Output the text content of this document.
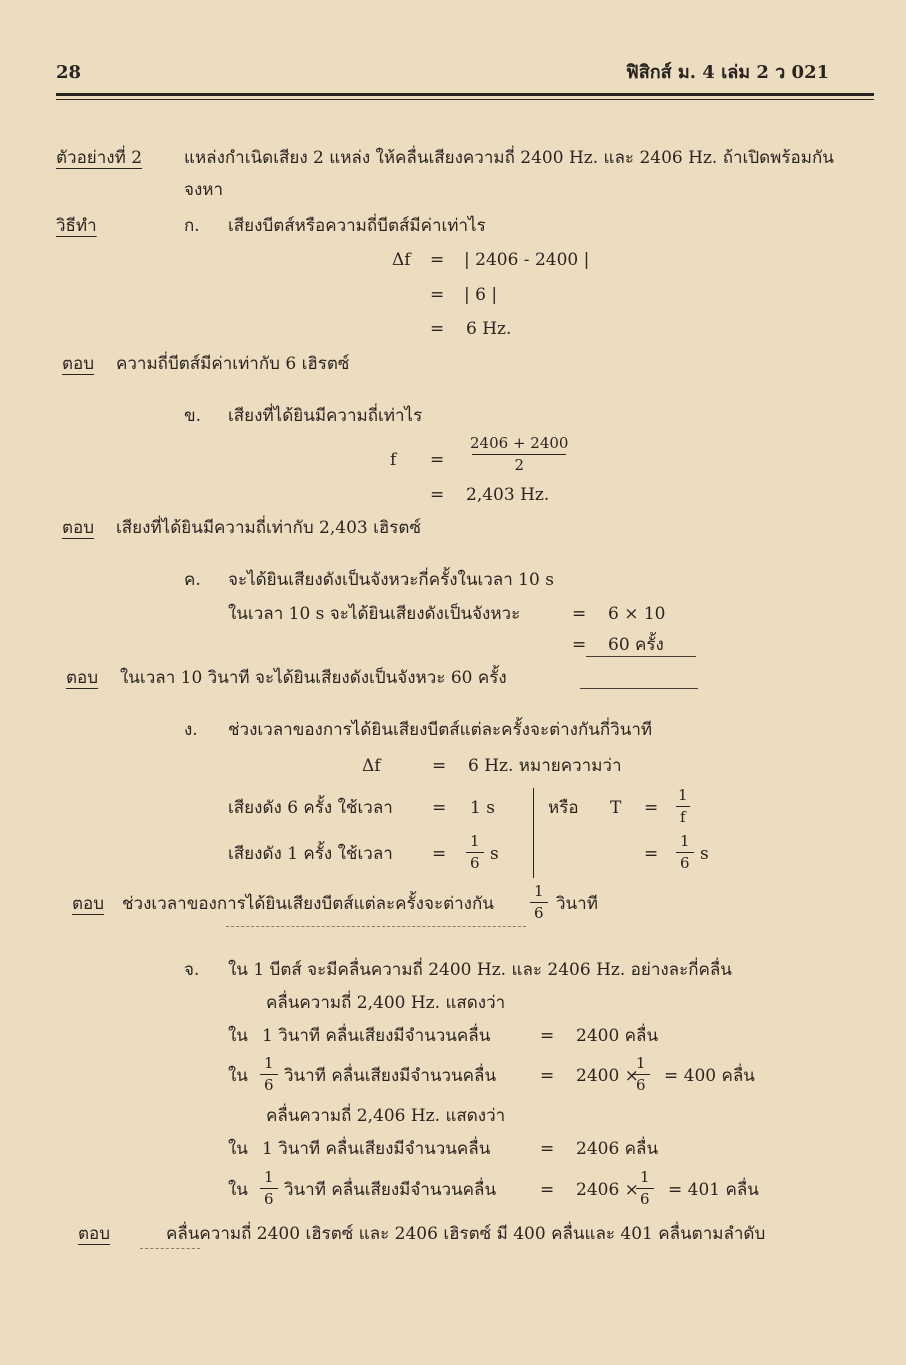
28	ฟิสิกส์ ม. 4 เล่ม 2 ว 021
ตัวอย่างที่ 2 แหล่งกำเนิดเสียง 2 แหล่ง ให้คลื่นเสียงความถี่ 2400 Hz. และ 2406 Hz. ถ้าเปิดพร้อมกัน
จงหา
วิธีทำ	ก. เสียงบีตส์หรือความถี่บีตส์มีค่าเท่าไร
Δf = | 2406 - 2400 |
= | 6 |
= 6 Hz.
ตอบ ความถี่บีตส์มีค่าเท่ากับ 6 เฮิรตซ์
ข. เสียงที่ได้ยินมีความถี่เท่าไร
$f = \frac{2406 + 2400}{2}$
= 2,403 Hz.
ตอบ เสียงที่ได้ยินมีความถี่เท่ากับ 2,403 เฮิรตซ์
ค. จะได้ยินเสียงดังเป็นจังหวะกี่ครั้งในเวลา 10 s
ในเวลา 10 s จะได้ยินเสียงดังเป็นจังหวะ	= 6 × 10
= 60 ครั้ง
ตอบ ในเวลา 10 วินาที จะได้ยินเสียงดังเป็นจังหวะ 60 ครั้ง
ง. ช่วงเวลาของการได้ยินเสียงบีตส์แต่ละครั้งจะต่างกันกี่วินาที
Δf	= 6 Hz. หมายความว่า
เสียงดัง 6 ครั้ง ใช้เวลา = 1 s
เสียงดัง 1 ครั้ง ใช้เวลา = $\frac{1}{6}$ s
หรือ $T = \frac{1}{f}$
= $\frac{1}{6}$ s
ตอบ ช่วงเวลาของการได้ยินเสียงบีตส์แต่ละครั้งจะต่างกัน $\frac{1}{6}$ วินาที
จ. ใน 1 บีตส์ จะมีคลื่นความถี่ 2400 Hz. และ 2406 Hz. อย่างละกี่คลื่น
คลื่นความถี่ 2,400 Hz. แสดงว่า
ใน 1 วินาที คลื่นเสียงมีจำนวนคลื่น	= 2400 คลื่น
ใน $\frac{1}{6}$ วินาที คลื่นเสียงมีจำนวนคลื่น	= 2400 ×
$\frac{1}{6} = 400$ คลื่น
คลื่นความถี่ 2,406 Hz. แสดงว่า
ใน 1 วินาที คลื่นเสียงมีจำนวนคลื่น	= 2406 คลื่น
ใน $\frac{1}{6}$ วินาที คลื่นเสียงมีจำนวนคลื่น	= 2406 ×
$\frac{1}{6} = 401$ คลื่น
ตอบ	คลื่นความถี่ 2400 เฮิรตซ์ และ 2406 เฮิรตซ์ มี 400 คลื่นและ 401 คลื่นตามลำดับ
